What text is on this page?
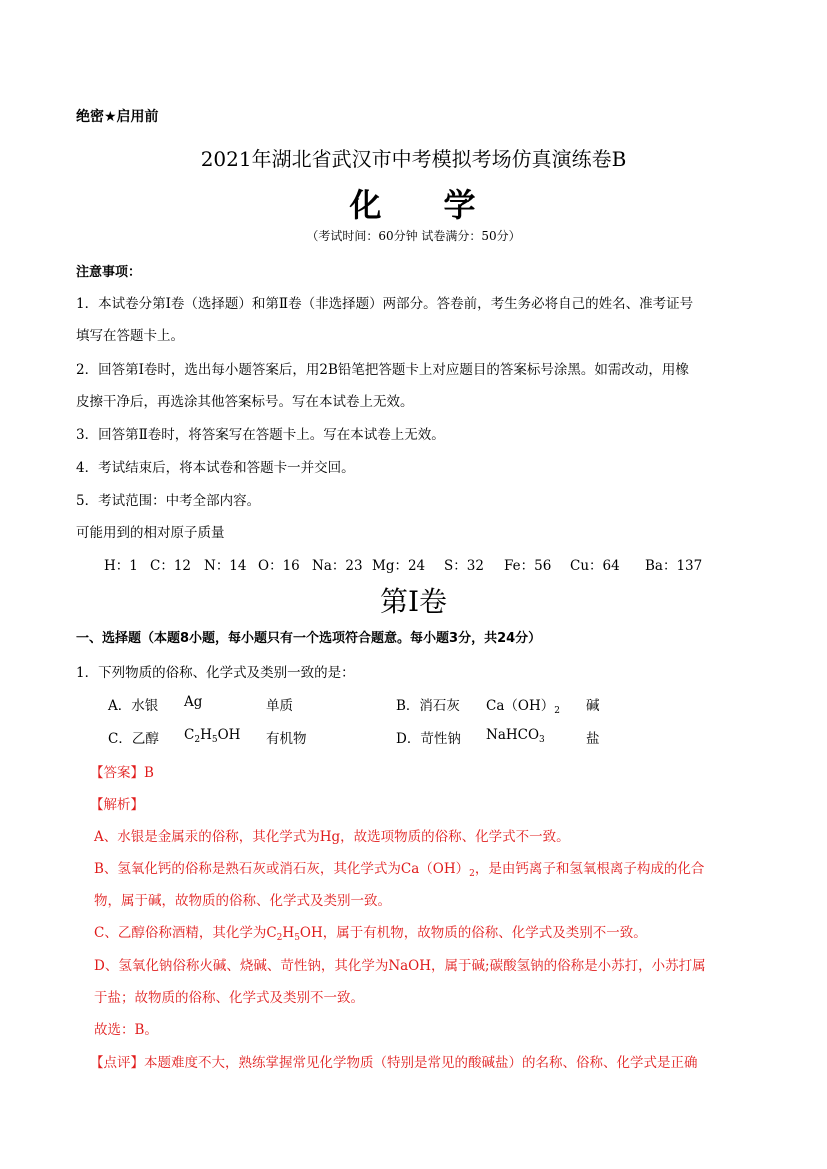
绝密★启用前
2021年湖北省武汉市中考模拟考场仿真演练卷B
化 学
（考试时间：60分钟 试卷满分：50分）
注意事项：
1．本试卷分第Ⅰ卷（选择题）和第Ⅱ卷（非选择题）两部分。答卷前，考生务必将自己的姓名、准考证号
填写在答题卡上。
2．回答第Ⅰ卷时，选出每小题答案后，用2B铅笔把答题卡上对应题目的答案标号涂黑。如需改动，用橡
皮擦干净后，再选涂其他答案标号。写在本试卷上无效。
3．回答第Ⅱ卷时，将答案写在答题卡上。写在本试卷上无效。
4．考试结束后，将本试卷和答题卡一并交回。
5．考试范围：中考全部内容。
可能用到的相对原子质量
H：1 C：12 N：14 O：16 Na：23 Mg：24 S：32 Fe：56 Cu：64 Ba：137
第Ⅰ卷
一、选择题（本题8小题，每小题只有一个选项符合题意。每小题3分，共24分）
1．下列物质的俗称、化学式及类别一致的是：
A．水银 Ag	单质	B．消石灰 $Ca(OH)_2$ 碱
C．乙醇 $C_2H_5OH$ 有机物	D．苛性钠 NaHCO$_3$	盐
【答案】B
【解析】
A、水银是金属汞的俗称，其化学式为Hg，故选项物质的俗称、化学式不一致。
B、氢氧化钙的俗称是熟石灰或消石灰，其化学式为$Ca(OH)_2$，是由钙离子和氢氧根离子构成的化合
物，属于碱，故物质的俗称、化学式及类别一致。
C、乙醇俗称酒精，其化学为$C_2H_5OH$，属于有机物，故物质的俗称、化学式及类别不一致。
D、氢氧化钠俗称火碱、烧碱、苛性钠，其化学为NaOH，属于碱;碳酸氢钠的俗称是小苏打，小苏打属
于盐；故物质的俗称、化学式及类别不一致。
故选：B。
【点评】本题难度不大，熟练掌握常见化学物质（特别是常见的酸碱盐）的名称、俗称、化学式是正确
